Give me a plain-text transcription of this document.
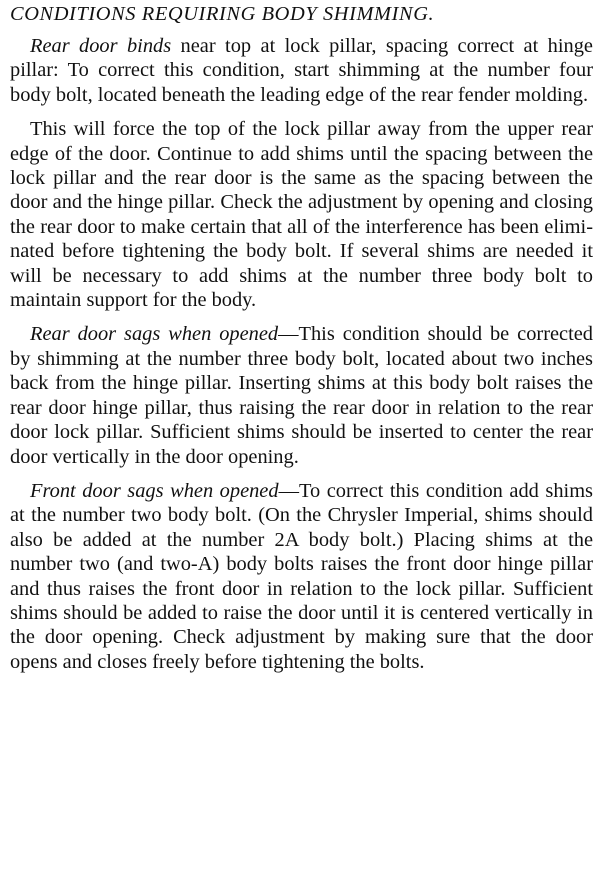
CONDITIONS REQUIRING BODY SHIMMING.

Rear door binds near top at lock pillar, spacing correct at hinge pillar: To correct this condition, start shimming at the number four body bolt, located beneath the leading edge of the rear fender molding.

This will force the top of the lock pillar away from the upper rear edge of the door. Continue to add shims until the spacing between the lock pillar and the rear door is the same as the spacing between the door and the hinge pillar. Check the adjustment by opening and closing the rear door to make certain that all of the interference has been eliminated before tightening the body bolt. If several shims are needed it will be necessary to add shims at the number three body bolt to maintain support for the body.

Rear door sags when opened—This condition should be corrected by shimming at the number three body bolt, located about two inches back from the hinge pillar. Inserting shims at this body bolt raises the rear door hinge pillar, thus raising the rear door in relation to the rear door lock pillar. Sufficient shims should be inserted to center the rear door vertically in the door opening.

Front door sags when opened—To correct this condition add shims at the number two body bolt. (On the Chrysler Imperial, shims should also be added at the number 2A body bolt.) Placing shims at the number two (and two-A) body bolts raises the front door hinge pillar and thus raises the front door in relation to the lock pillar. Sufficient shims should be added to raise the door until it is centered vertically in the door opening. Check adjustment by making sure that the door opens and closes freely before tightening the bolts.
